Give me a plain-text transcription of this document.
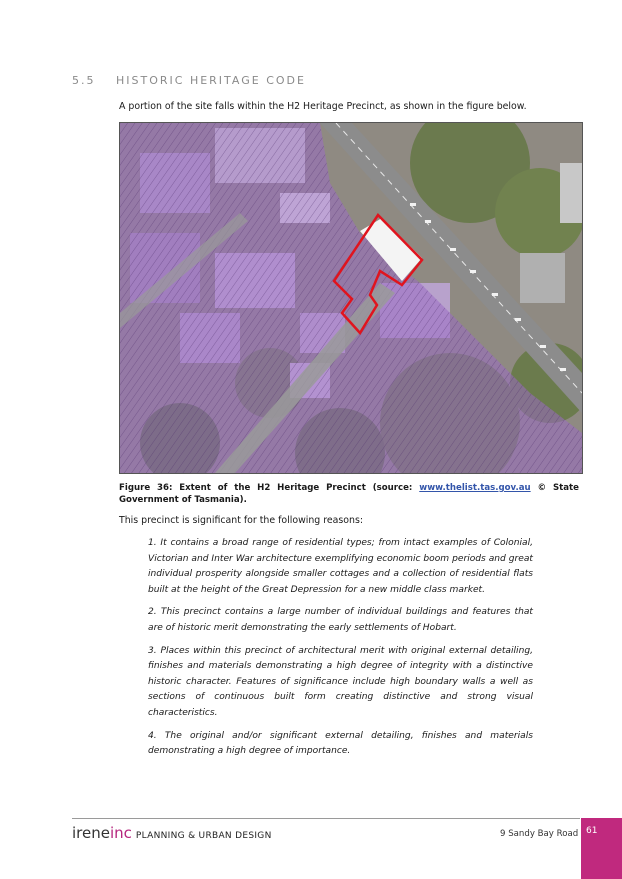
5.5 HISTORIC HERITAGE CODE
A portion of the site falls within the H2 Heritage Precinct, as shown in the figure below.
Figure 36: Extent of the H2 Heritage Precinct (source: www.thelist.tas.gov.au © State Government of Tasmania).
This precinct is significant for the following reasons:

1. It contains a broad range of residential types; from intact examples of Colonial, Victorian and Inter War architecture exemplifying economic boom periods and great individual prosperity alongside smaller cottages and a collection of residential flats built at the height of the Great Depression for a new middle class market.

2. This precinct contains a large number of individual buildings and features that are of historic merit demonstrating the early settlements of Hobart.

3. Places within this precinct of architectural merit with original external detailing, finishes and materials demonstrating a high degree of integrity with a distinctive historic character. Features of significance include high boundary walls a well as sections of continuous built form creating distinctive and strong visual characteristics.

4. The original and/or significant external detailing, finishes and materials demonstrating a high degree of importance.

ireneinc PLANNING & URBAN DESIGN	9 Sandy Bay Road 61
